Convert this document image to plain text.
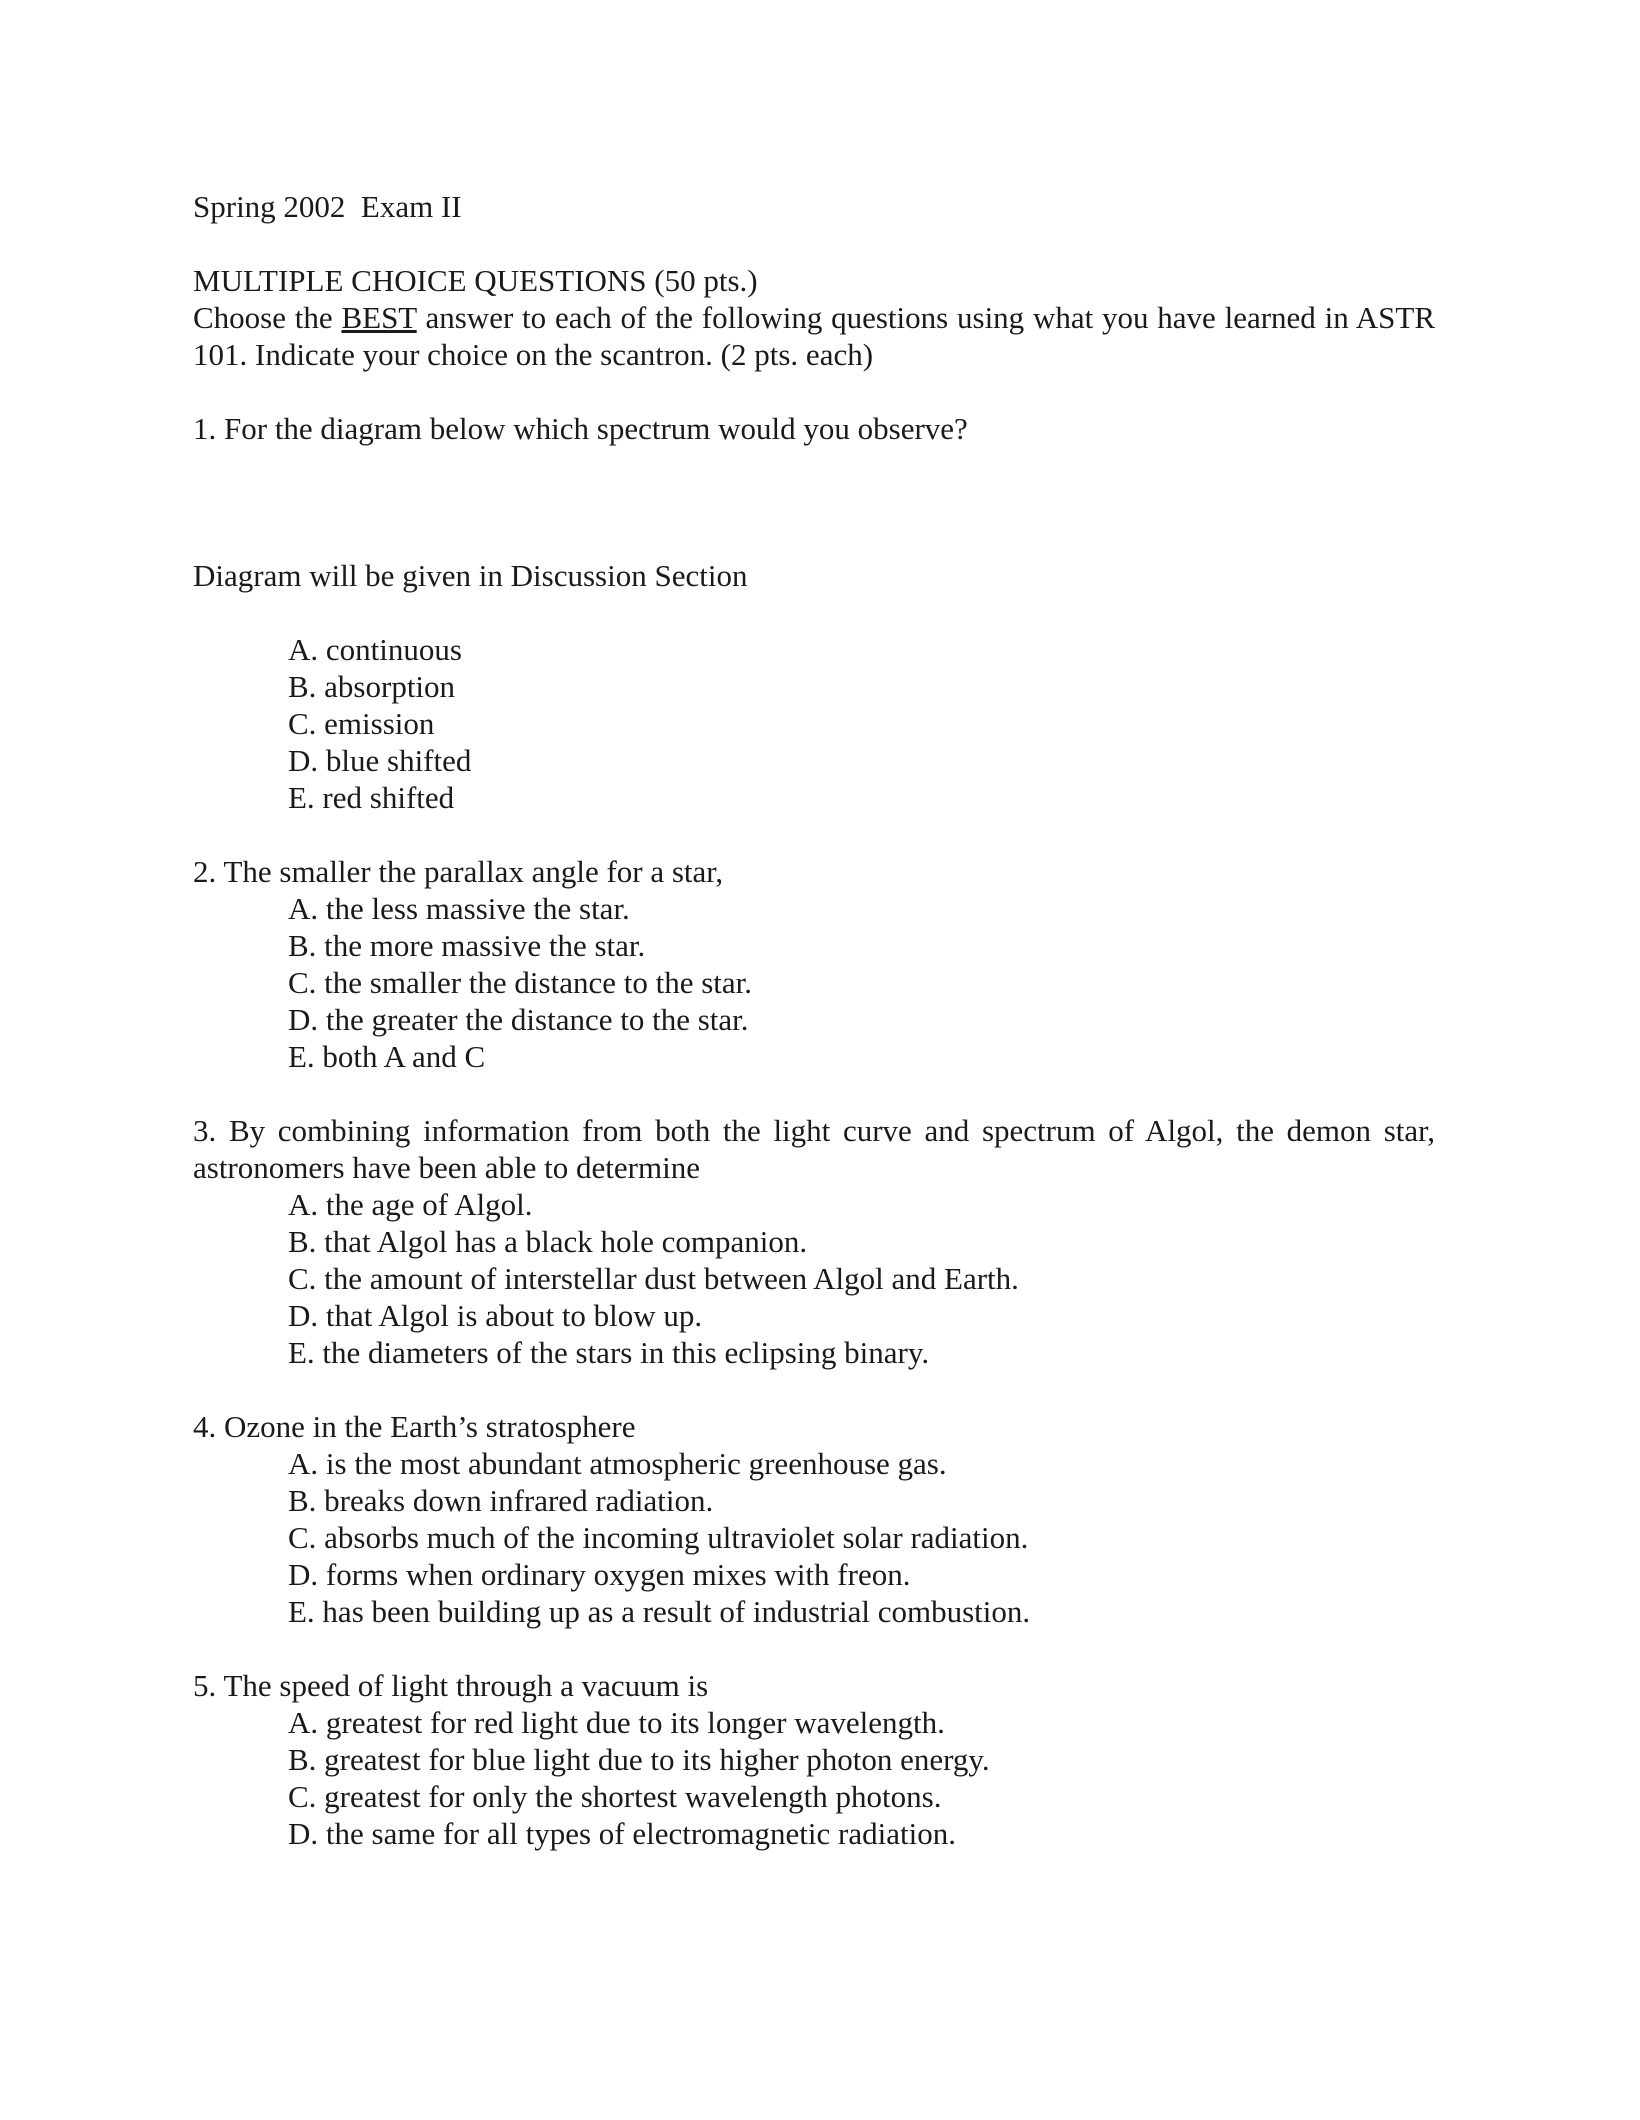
Spring 2002  Exam II

MULTIPLE CHOICE QUESTIONS (50 pts.)

Choose the BEST answer to each of the following questions using what you have learned in ASTR 101. Indicate your choice on the scantron. (2 pts. each)

1. For the diagram below which spectrum would you observe?

Diagram will be given in Discussion Section

A. continuous
B. absorption
C. emission
D. blue shifted
E. red shifted

2. The smaller the parallax angle for a star,

A. the less massive the star.
B. the more massive the star.
C. the smaller the distance to the star.
D. the greater the distance to the star.
E. both A and C

3. By combining information from both the light curve and spectrum of Algol, the demon star, astronomers have been able to determine

A. the age of Algol.
B. that Algol has a black hole companion.
C. the amount of interstellar dust between Algol and Earth.
D. that Algol is about to blow up.
E. the diameters of the stars in this eclipsing binary.

4. Ozone in the Earth’s stratosphere

A. is the most abundant atmospheric greenhouse gas.
B. breaks down infrared radiation.
C. absorbs much of the incoming ultraviolet solar radiation.
D. forms when ordinary oxygen mixes with freon.
E. has been building up as a result of industrial combustion.

5. The speed of light through a vacuum is

A. greatest for red light due to its longer wavelength.
B. greatest for blue light due to its higher photon energy.
C. greatest for only the shortest wavelength photons.
D. the same for all types of electromagnetic radiation.
